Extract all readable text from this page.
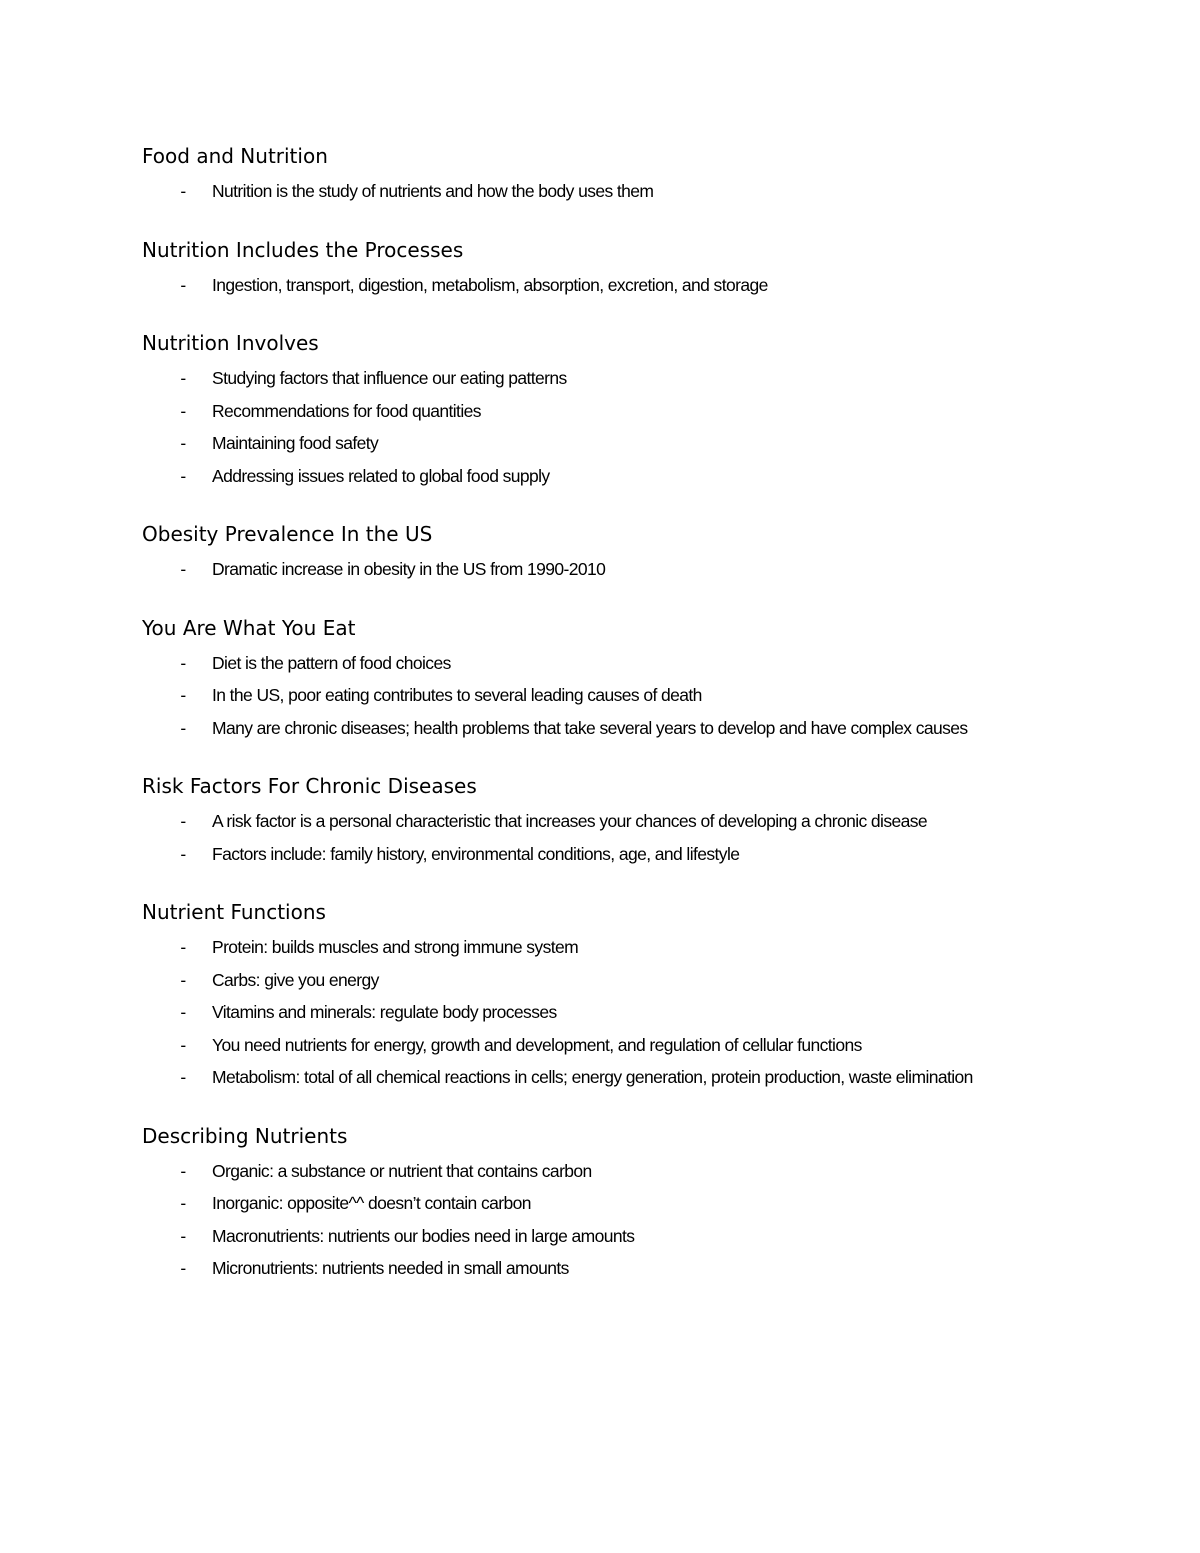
Food and Nutrition
- Nutrition is the study of nutrients and how the body uses them
Nutrition Includes the Processes
- Ingestion, transport, digestion, metabolism, absorption, excretion, and storage
Nutrition Involves
- Studying factors that influence our eating patterns
- Recommendations for food quantities
- Maintaining food safety
- Addressing issues related to global food supply
Obesity Prevalence In the US
- Dramatic increase in obesity in the US from 1990-2010
You Are What You Eat
- Diet is the pattern of food choices
- In the US, poor eating contributes to several leading causes of death
- Many are chronic diseases; health problems that take several years to develop and have complex causes
Risk Factors For Chronic Diseases
- A risk factor is a personal characteristic that increases your chances of developing a chronic disease
- Factors include: family history, environmental conditions, age, and lifestyle
Nutrient Functions
- Protein: builds muscles and strong immune system
- Carbs: give you energy
- Vitamins and minerals: regulate body processes
- You need nutrients for energy, growth and development, and regulation of cellular functions
- Metabolism: total of all chemical reactions in cells; energy generation, protein production, waste elimination
Describing Nutrients
- Organic: a substance or nutrient that contains carbon
- Inorganic: opposite^^ doesn’t contain carbon
- Macronutrients: nutrients our bodies need in large amounts
- Micronutrients: nutrients needed in small amounts
